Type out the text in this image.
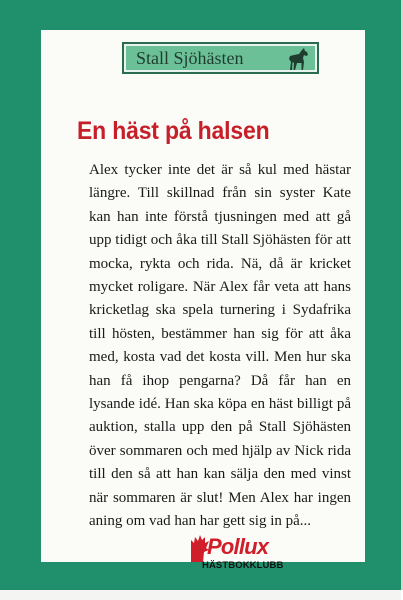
Stall Sjöhästen
En häst på halsen

Alex tycker inte det är så kul med hästar längre. Till skillnad från sin syster Kate kan han inte förstå tjusningen med att gå upp tidigt och åka till Stall Sjöhästen för att mocka, rykta och rida. Nä, då är kricket mycket roligare. När Alex får veta att hans kricketlag ska spela turnering i Sydafrika till hösten, bestämmer han sig för att åka med, kosta vad det kosta vill. Men hur ska han få ihop pengarna? Då får han en lysande idé. Han ska köpa en häst billigt på auktion, stalla upp den på Stall Sjöhästen över sommaren och med hjälp av Nick rida till den så att han kan sälja den med vinst när sommaren är slut! Men Alex har ingen aning om vad han har gett sig in på...

Pollux
HÄSTBOKKLUBB
